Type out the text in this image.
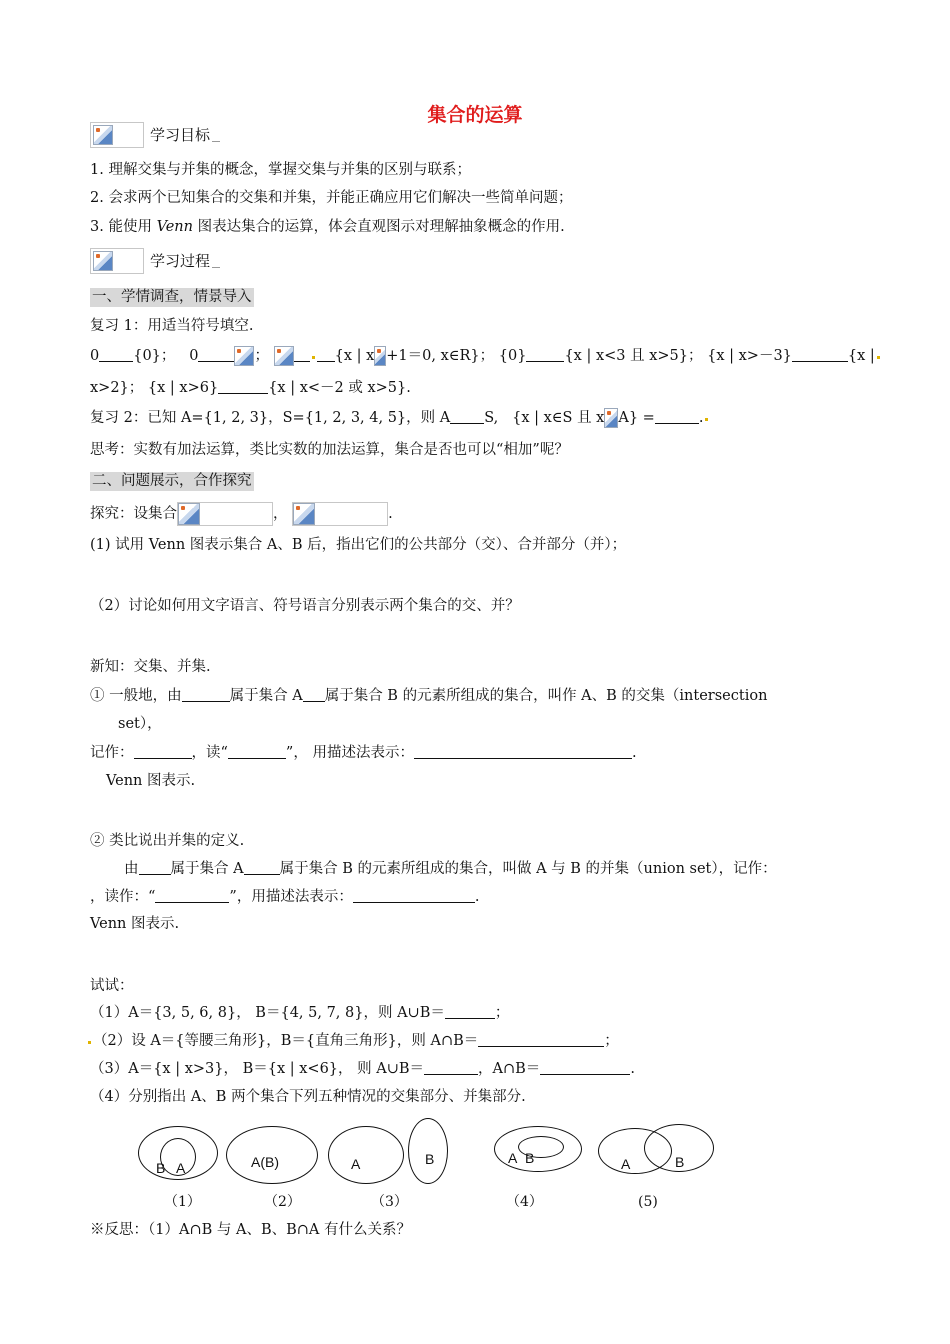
集合的运算
学习目标
1. 理解交集与并集的概念，掌握交集与并集的区别与联系；
2. 会求两个已知集合的交集和并集，并能正确应用它们解决一些简单问题；
3. 能使用 Venn 图表达集合的运算，体会直观图示对理解抽象概念的作用.
学习过程
一、学情调查，情景导入
复习 1：用适当符号填空.
0 {0}； 0	；	{x | x +1＝0, x∈R}； {0}	{x | x<3 且 x>5}； {x | x>－3}	{x |
x>2}； {x | x>6}	{x | x<－2 或 x>5}.
复习 2：已知 A={1, 2, 3}，S={1, 2, 3, 4, 5}，则 A S, {x | x∈S 且 x A} =	.
思考：实数有加法运算，类比实数的加法运算，集合是否也可以“相加”呢？
二、问题展示，合作探究
探究：设集合	，	.
(1) 试用 Venn 图表示集合 A、B 后，指出它们的公共部分（交）、合并部分（并）；
（2）讨论如何用文字语言、符号语言分别表示两个集合的交、并？
新知：交集、并集.
① 一般地，由	属于集合 A 属于集合 B 的元素所组成的集合，叫作 A、B 的交集（intersection
set），
记作：	，读“	”， 用描述法表示：	.
Venn 图表示.
② 类比说出并集的定义.
由 属于集合 A 属于集合 B 的元素所组成的集合，叫做 A 与 B 的并集（union set），记作：
，读作：“	”，用描述法表示：	.
Venn 图表示.
试试：
（1）A＝{3, 5, 6, 8}， B＝{4, 5, 7, 8}，则 A∪B＝	；
（2）设 A＝{等腰三角形}，B＝{直角三角形}，则 A∩B＝	；
（3）A＝{x | x>3}， B＝{x | x<6}， 则 A∪B＝	，A∩B＝	.
（4）分别指出 A、B 两个集合下列五种情况的交集部分、并集部分.
B A
（1）
A(B)
（2）
A	B
（3）
A B
（4）
A	B
(5)
※反思：（1）A∩B 与 A、B、B∩A 有什么关系？
